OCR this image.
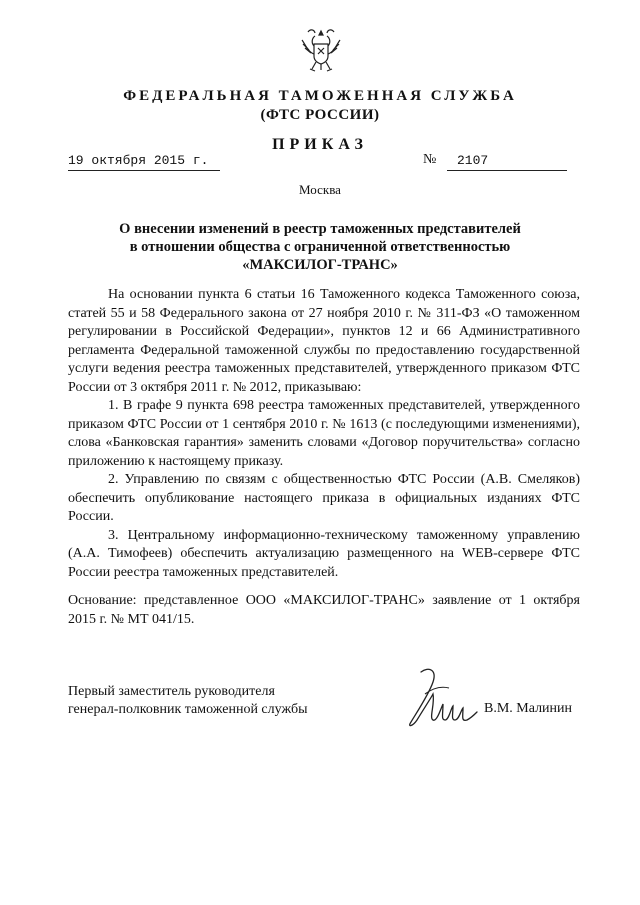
ФЕДЕРАЛЬНАЯ ТАМОЖЕННАЯ СЛУЖБА
(ФТС РОССИИ)
ПРИКАЗ
19 октября 2015 г.	№ 2107
Москва
О внесении изменений в реестр таможенных представителей
в отношении общества с ограниченной ответственностью
«МАКСИЛОГ-ТРАНС»

На основании пункта 6 статьи 16 Таможенного кодекса Таможенного союза, статей 55 и 58 Федерального закона от 27 ноября 2010 г. № 311-ФЗ «О таможенном регулировании в Российской Федерации», пунктов 12 и 66 Административного регламента Федеральной таможенной службы по предоставлению государственной услуги ведения реестра таможенных представителей, утвержденного приказом ФТС России от 3 октября 2011 г. № 2012, приказываю:

1. В графе 9 пункта 698 реестра таможенных представителей, утвержденного приказом ФТС России от 1 сентября 2010 г. № 1613 (с последующими изменениями), слова «Банковская гарантия» заменить словами «Договор поручительства» согласно приложению к настоящему приказу.

2. Управлению по связям с общественностью ФТС России (А.В. Смеляков) обеспечить опубликование настоящего приказа в официальных изданиях ФТС России.

3. Центральному информационно-техническому таможенному управлению (А.А. Тимофеев) обеспечить актуализацию размещенного на WEB-сервере ФТС России реестра таможенных представителей.

Основание: представленное ООО «МАКСИЛОГ-ТРАНС» заявление от 1 октября 2015 г. № МТ 041/15.

Первый заместитель руководителя
генерал-полковник таможенной службы	В.М. Малинин
